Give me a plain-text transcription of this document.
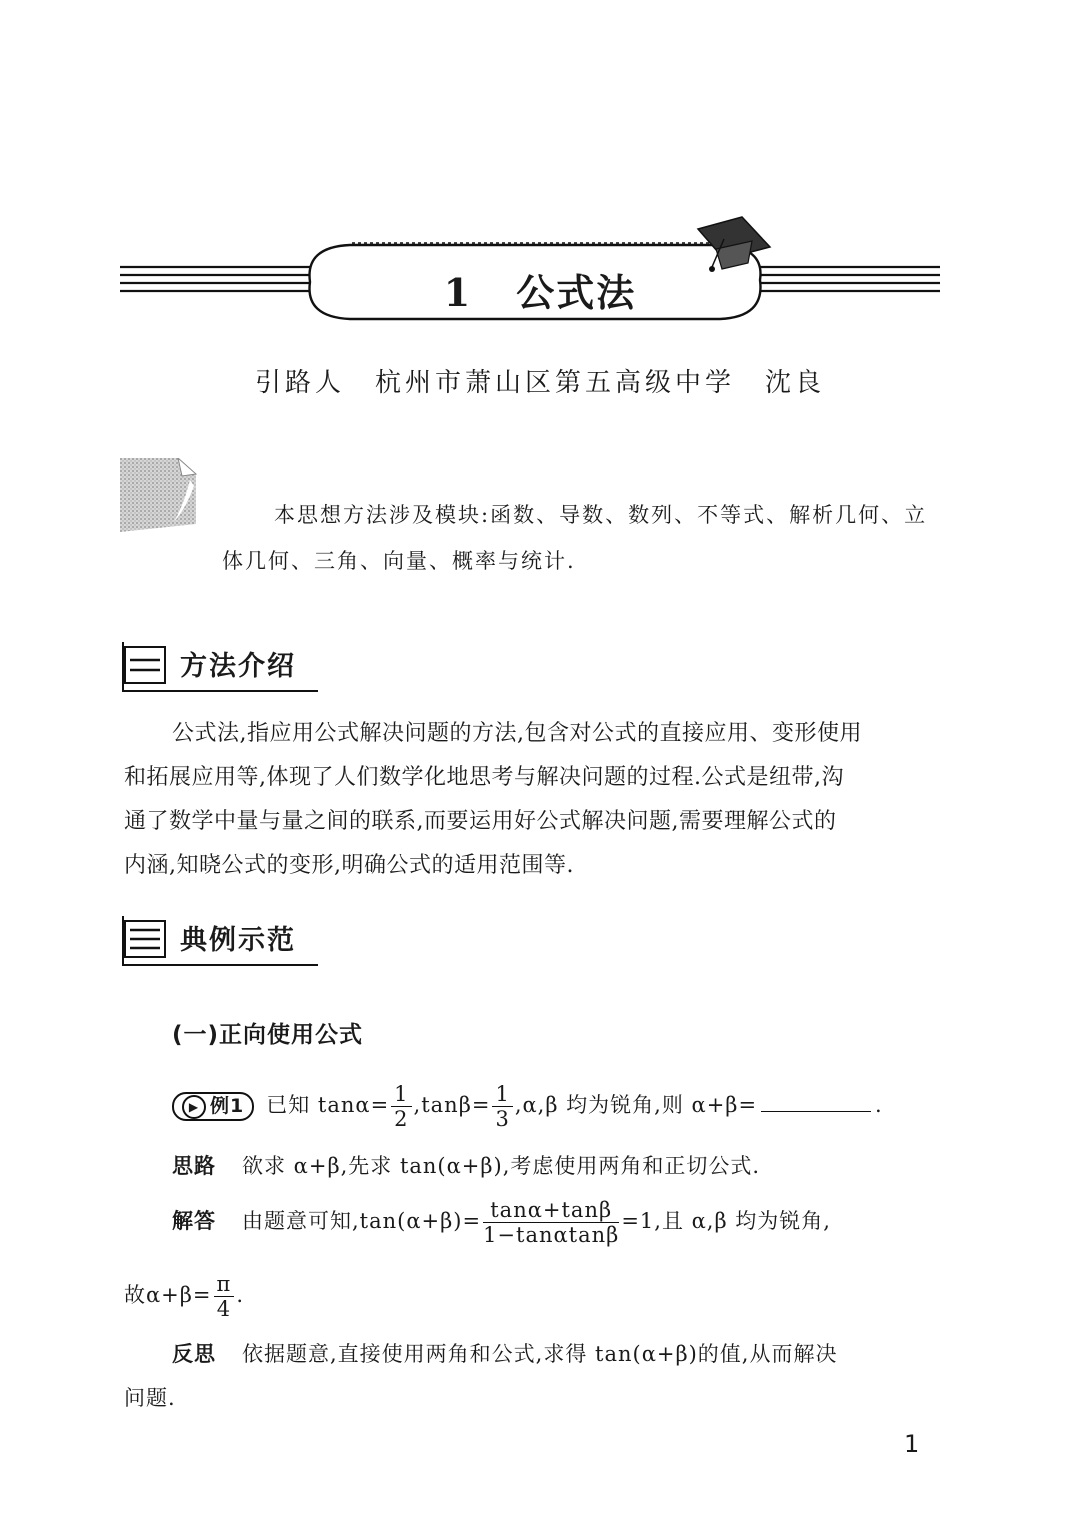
1 公式法
引路人 杭州市萧山区第五高级中学 沈良
本思想方法涉及模块:函数、导数、数列、不等式、解析几何、立
体几何、三角、向量、概率与统计.
方法介绍
公式法,指应用公式解决问题的方法,包含对公式的直接应用、变形使用
和拓展应用等,体现了人们数学化地思考与解决问题的过程.公式是纽带,沟
通了数学中量与量之间的联系,而要运用好公式解决问题,需要理解公式的
内涵,知晓公式的变形,明确公式的适用范围等.
典例示范
(一)正向使用公式
▶ 例1 已知 $\tan\alpha= \frac{1}{2} ,\tan\beta= \frac{1}{3} ,\alpha,\beta$ 均为锐角,则 α+β=	.
思路 欲求 α+β,先求 tan(α+β),考虑使用两角和正切公式.
解答 由题意可知$,\tan(\alpha+\beta)= \frac{\tan\alpha+\tan\beta}{1-\tan\alpha\tan\beta} =1$,且 α,β 均为锐角,
故$\alpha+\beta= \frac{\pi}{4}$ .
反思 依据题意,直接使用两角和公式,求得 tan(α+β)的值,从而解决
问题.
1
